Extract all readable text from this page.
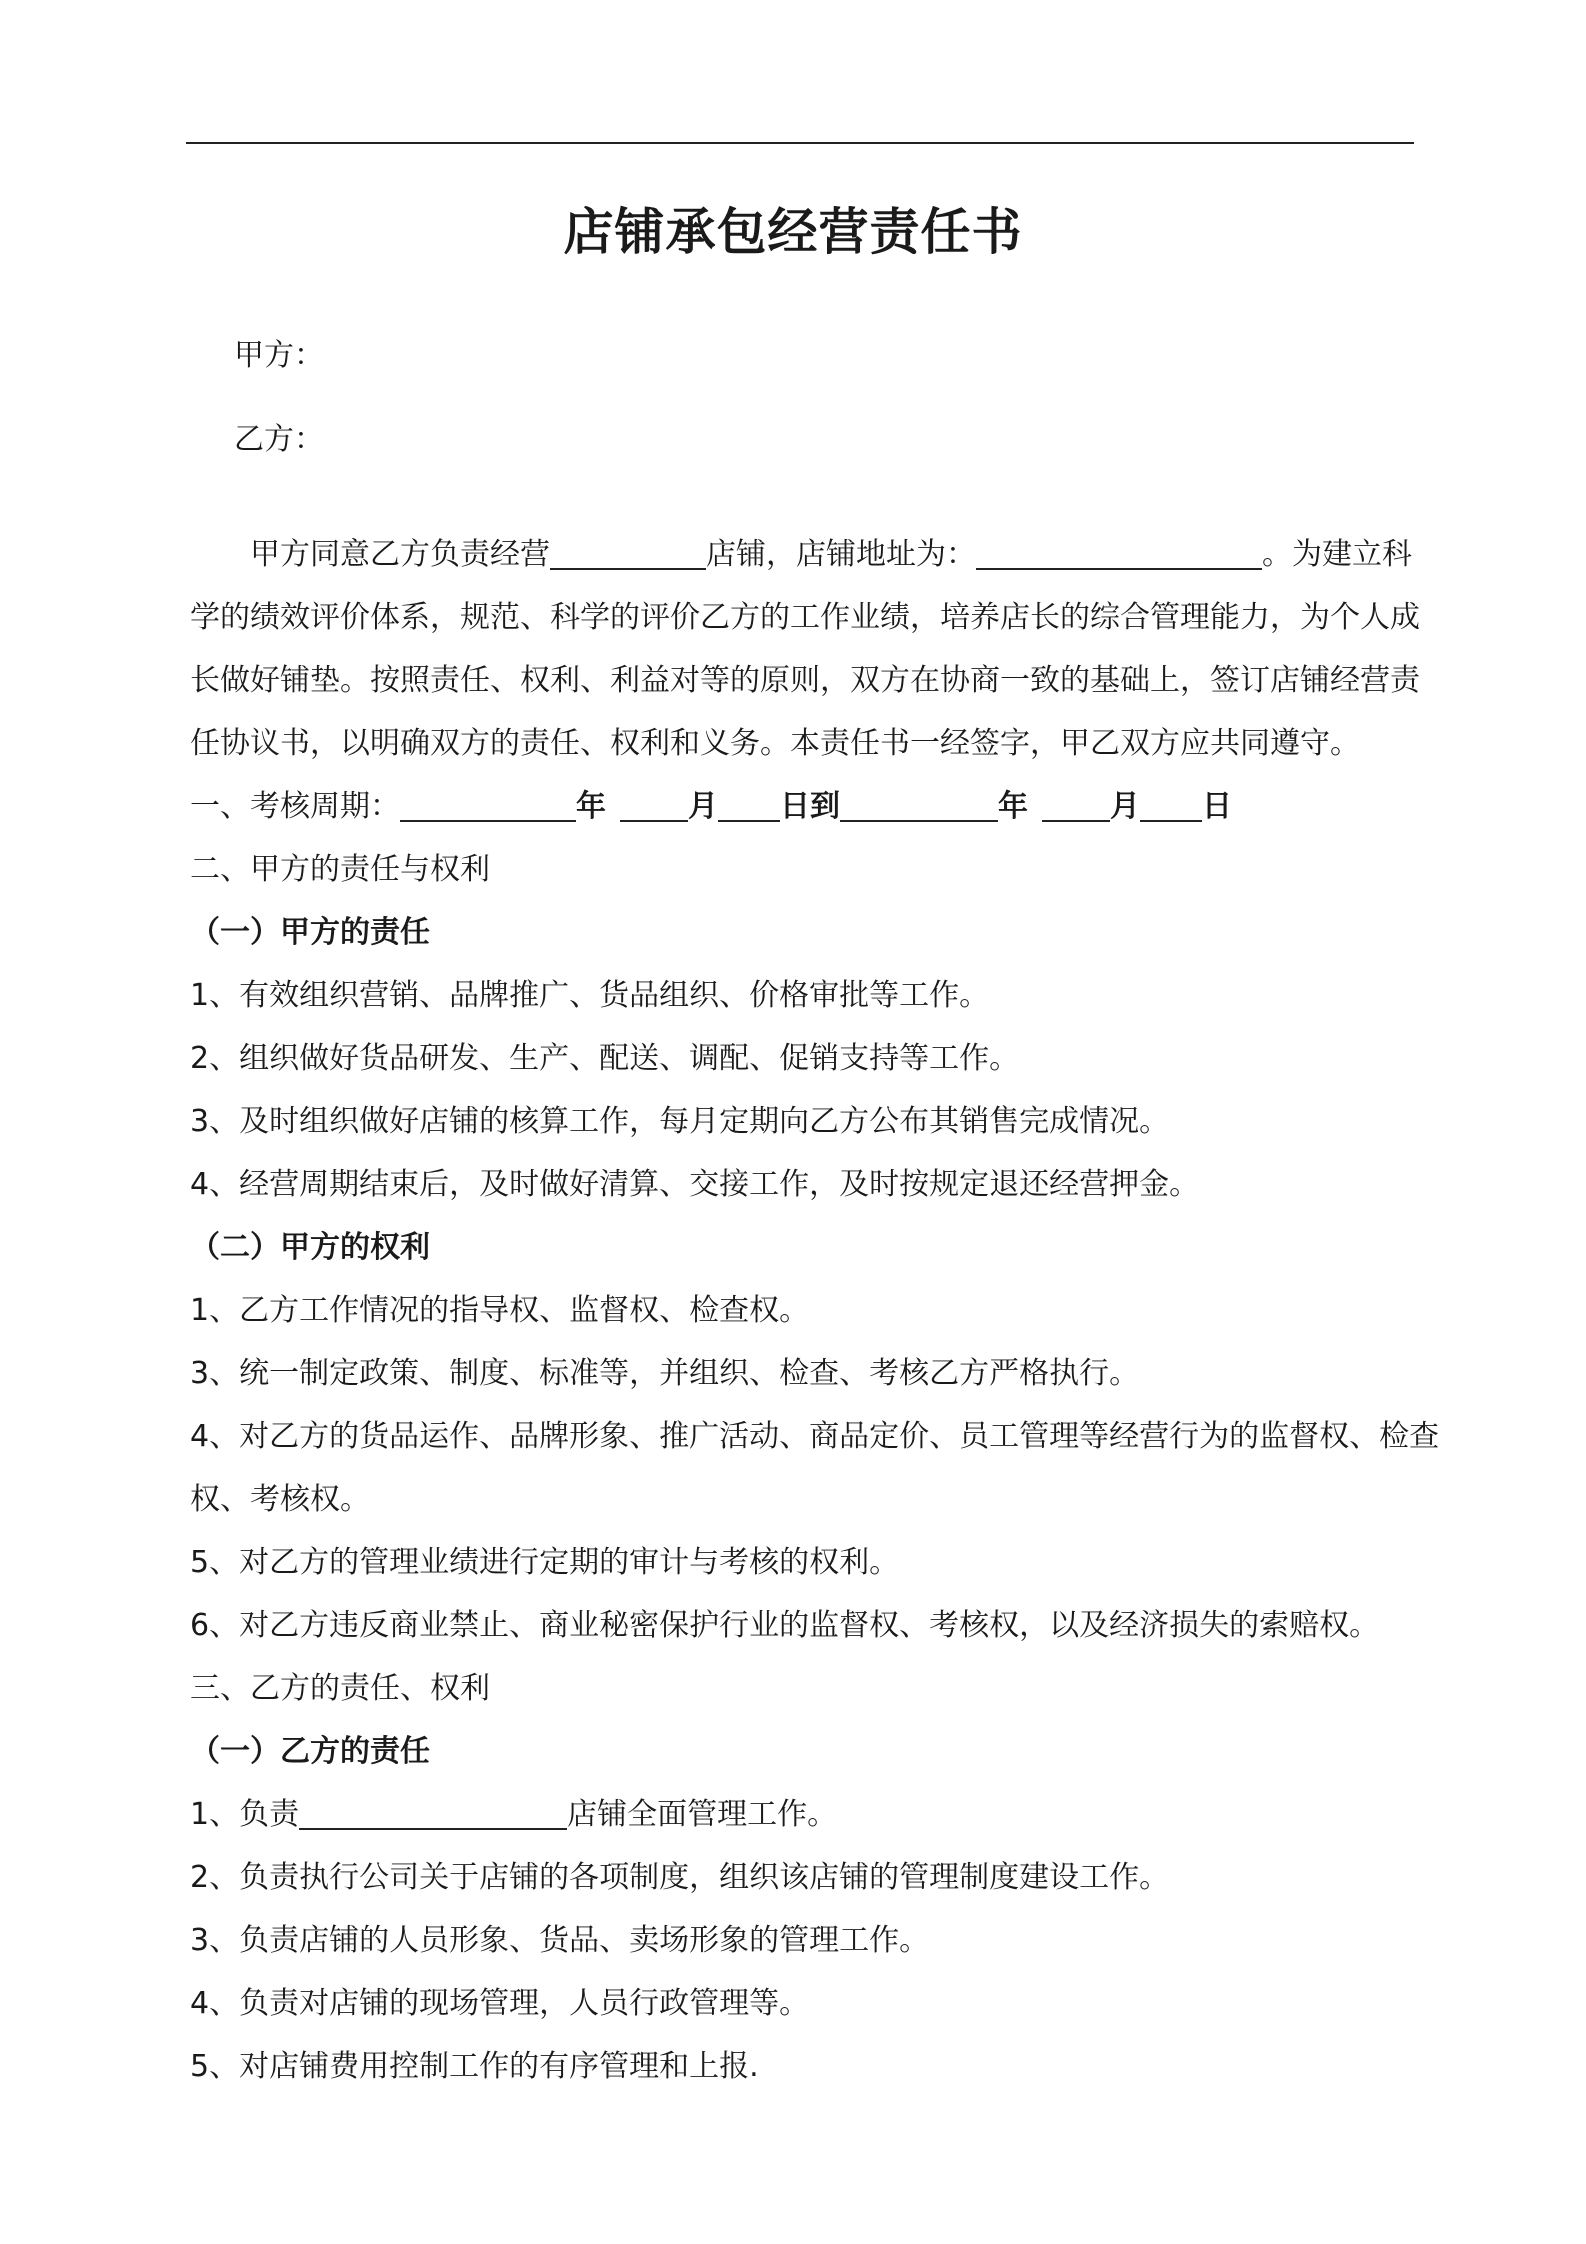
店铺承包经营责任书

甲方：

乙方：

甲方同意乙方负责经营	店铺，店铺地址为：	。为建立科

学的绩效评价体系，规范、科学的评价乙方的工作业绩，培养店长的综合管理能力，为个人成

长做好铺垫。按照责任、权利、利益对等的原则，双方在协商一致的基础上，签订店铺经营责

任协议书，以明确双方的责任、权利和义务。本责任书一经签字，甲乙双方应共同遵守。

一、考核周期：	年	月 日到	年	月 日

二、甲方的责任与权利

（一）甲方的责任

1、有效组织营销、品牌推广、货品组织、价格审批等工作。

2、组织做好货品研发、生产、配送、调配、促销支持等工作。

3、及时组织做好店铺的核算工作，每月定期向乙方公布其销售完成情况。

4、经营周期结束后，及时做好清算、交接工作，及时按规定退还经营押金。

（二）甲方的权利

1、乙方工作情况的指导权、监督权、检查权。

3、统一制定政策、制度、标准等，并组织、检查、考核乙方严格执行。

4、对乙方的货品运作、品牌形象、推广活动、商品定价、员工管理等经营行为的监督权、检查

权、考核权。

5、对乙方的管理业绩进行定期的审计与考核的权利。

6、对乙方违反商业禁止、商业秘密保护行业的监督权、考核权，以及经济损失的索赔权。

三、乙方的责任、权利

（一）乙方的责任

1、负责	店铺全面管理工作。

2、负责执行公司关于店铺的各项制度，组织该店铺的管理制度建设工作。

3、负责店铺的人员形象、货品、卖场形象的管理工作。

4、负责对店铺的现场管理，人员行政管理等。

5、对店铺费用控制工作的有序管理和上报.
